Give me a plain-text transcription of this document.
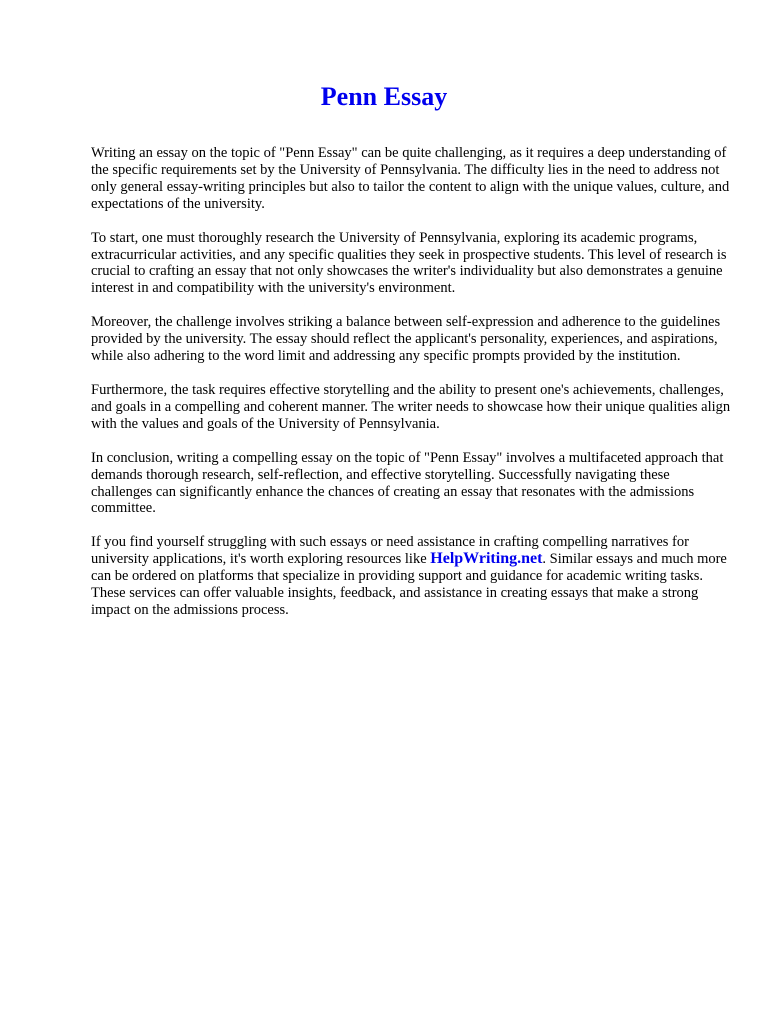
Penn Essay

Writing an essay on the topic of "Penn Essay" can be quite challenging, as it requires a deep understanding of the specific requirements set by the University of Pennsylvania. The difficulty lies in the need to address not only general essay-writing principles but also to tailor the content to align with the unique values, culture, and expectations of the university.

To start, one must thoroughly research the University of Pennsylvania, exploring its academic programs, extracurricular activities, and any specific qualities they seek in prospective students. This level of research is crucial to crafting an essay that not only showcases the writer's individuality but also demonstrates a genuine interest in and compatibility with the university's environment.

Moreover, the challenge involves striking a balance between self-expression and adherence to the guidelines provided by the university. The essay should reflect the applicant's personality, experiences, and aspirations, while also adhering to the word limit and addressing any specific prompts provided by the institution.

Furthermore, the task requires effective storytelling and the ability to present one's achievements, challenges, and goals in a compelling and coherent manner. The writer needs to showcase how their unique qualities align with the values and goals of the University of Pennsylvania.

In conclusion, writing a compelling essay on the topic of "Penn Essay" involves a multifaceted approach that demands thorough research, self-reflection, and effective storytelling. Successfully navigating these challenges can significantly enhance the chances of creating an essay that resonates with the admissions committee.

If you find yourself struggling with such essays or need assistance in crafting compelling narratives for university applications, it's worth exploring resources like HelpWriting.net. Similar essays and much more can be ordered on platforms that specialize in providing support and guidance for academic writing tasks. These services can offer valuable insights, feedback, and assistance in creating essays that make a strong impact on the admissions process.
